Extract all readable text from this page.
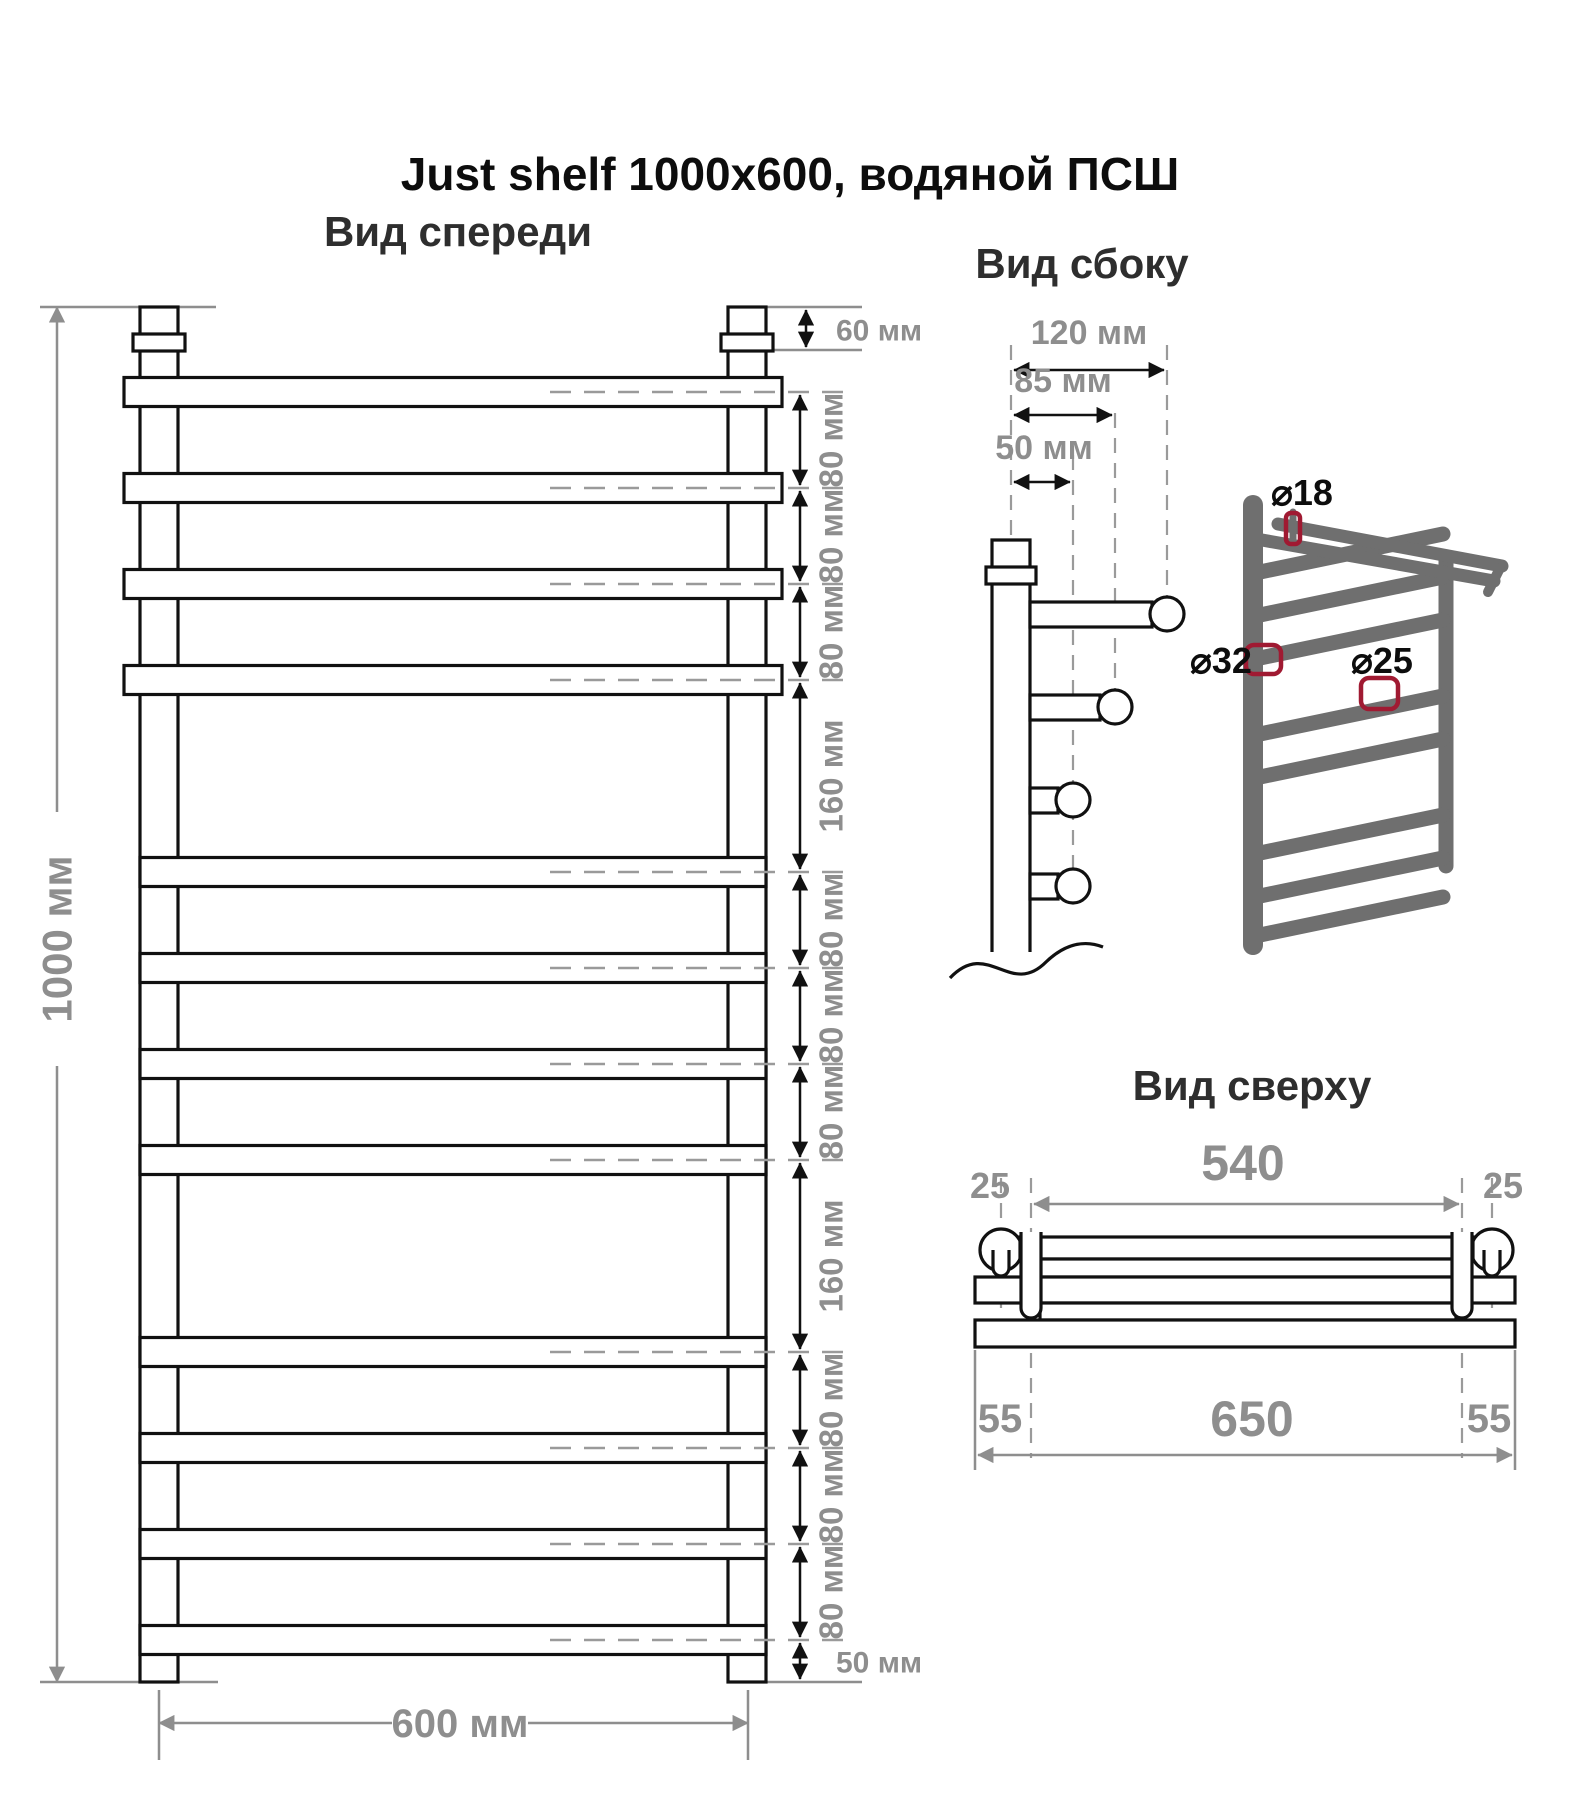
Just shelf 1000x600, водяной ПСШ
Вид спереди
Вид сбоку
Вид сверху
1000 мм
60 мм
80 мм
80 мм
80 мм
160 мм
80 мм
80 мм
80 мм
160 мм
80 мм
80 мм
80 мм
50 мм
600 мм
120 мм
85 мм
50 мм
⌀18
⌀32	⌀25
540
25	25
55	650	55
